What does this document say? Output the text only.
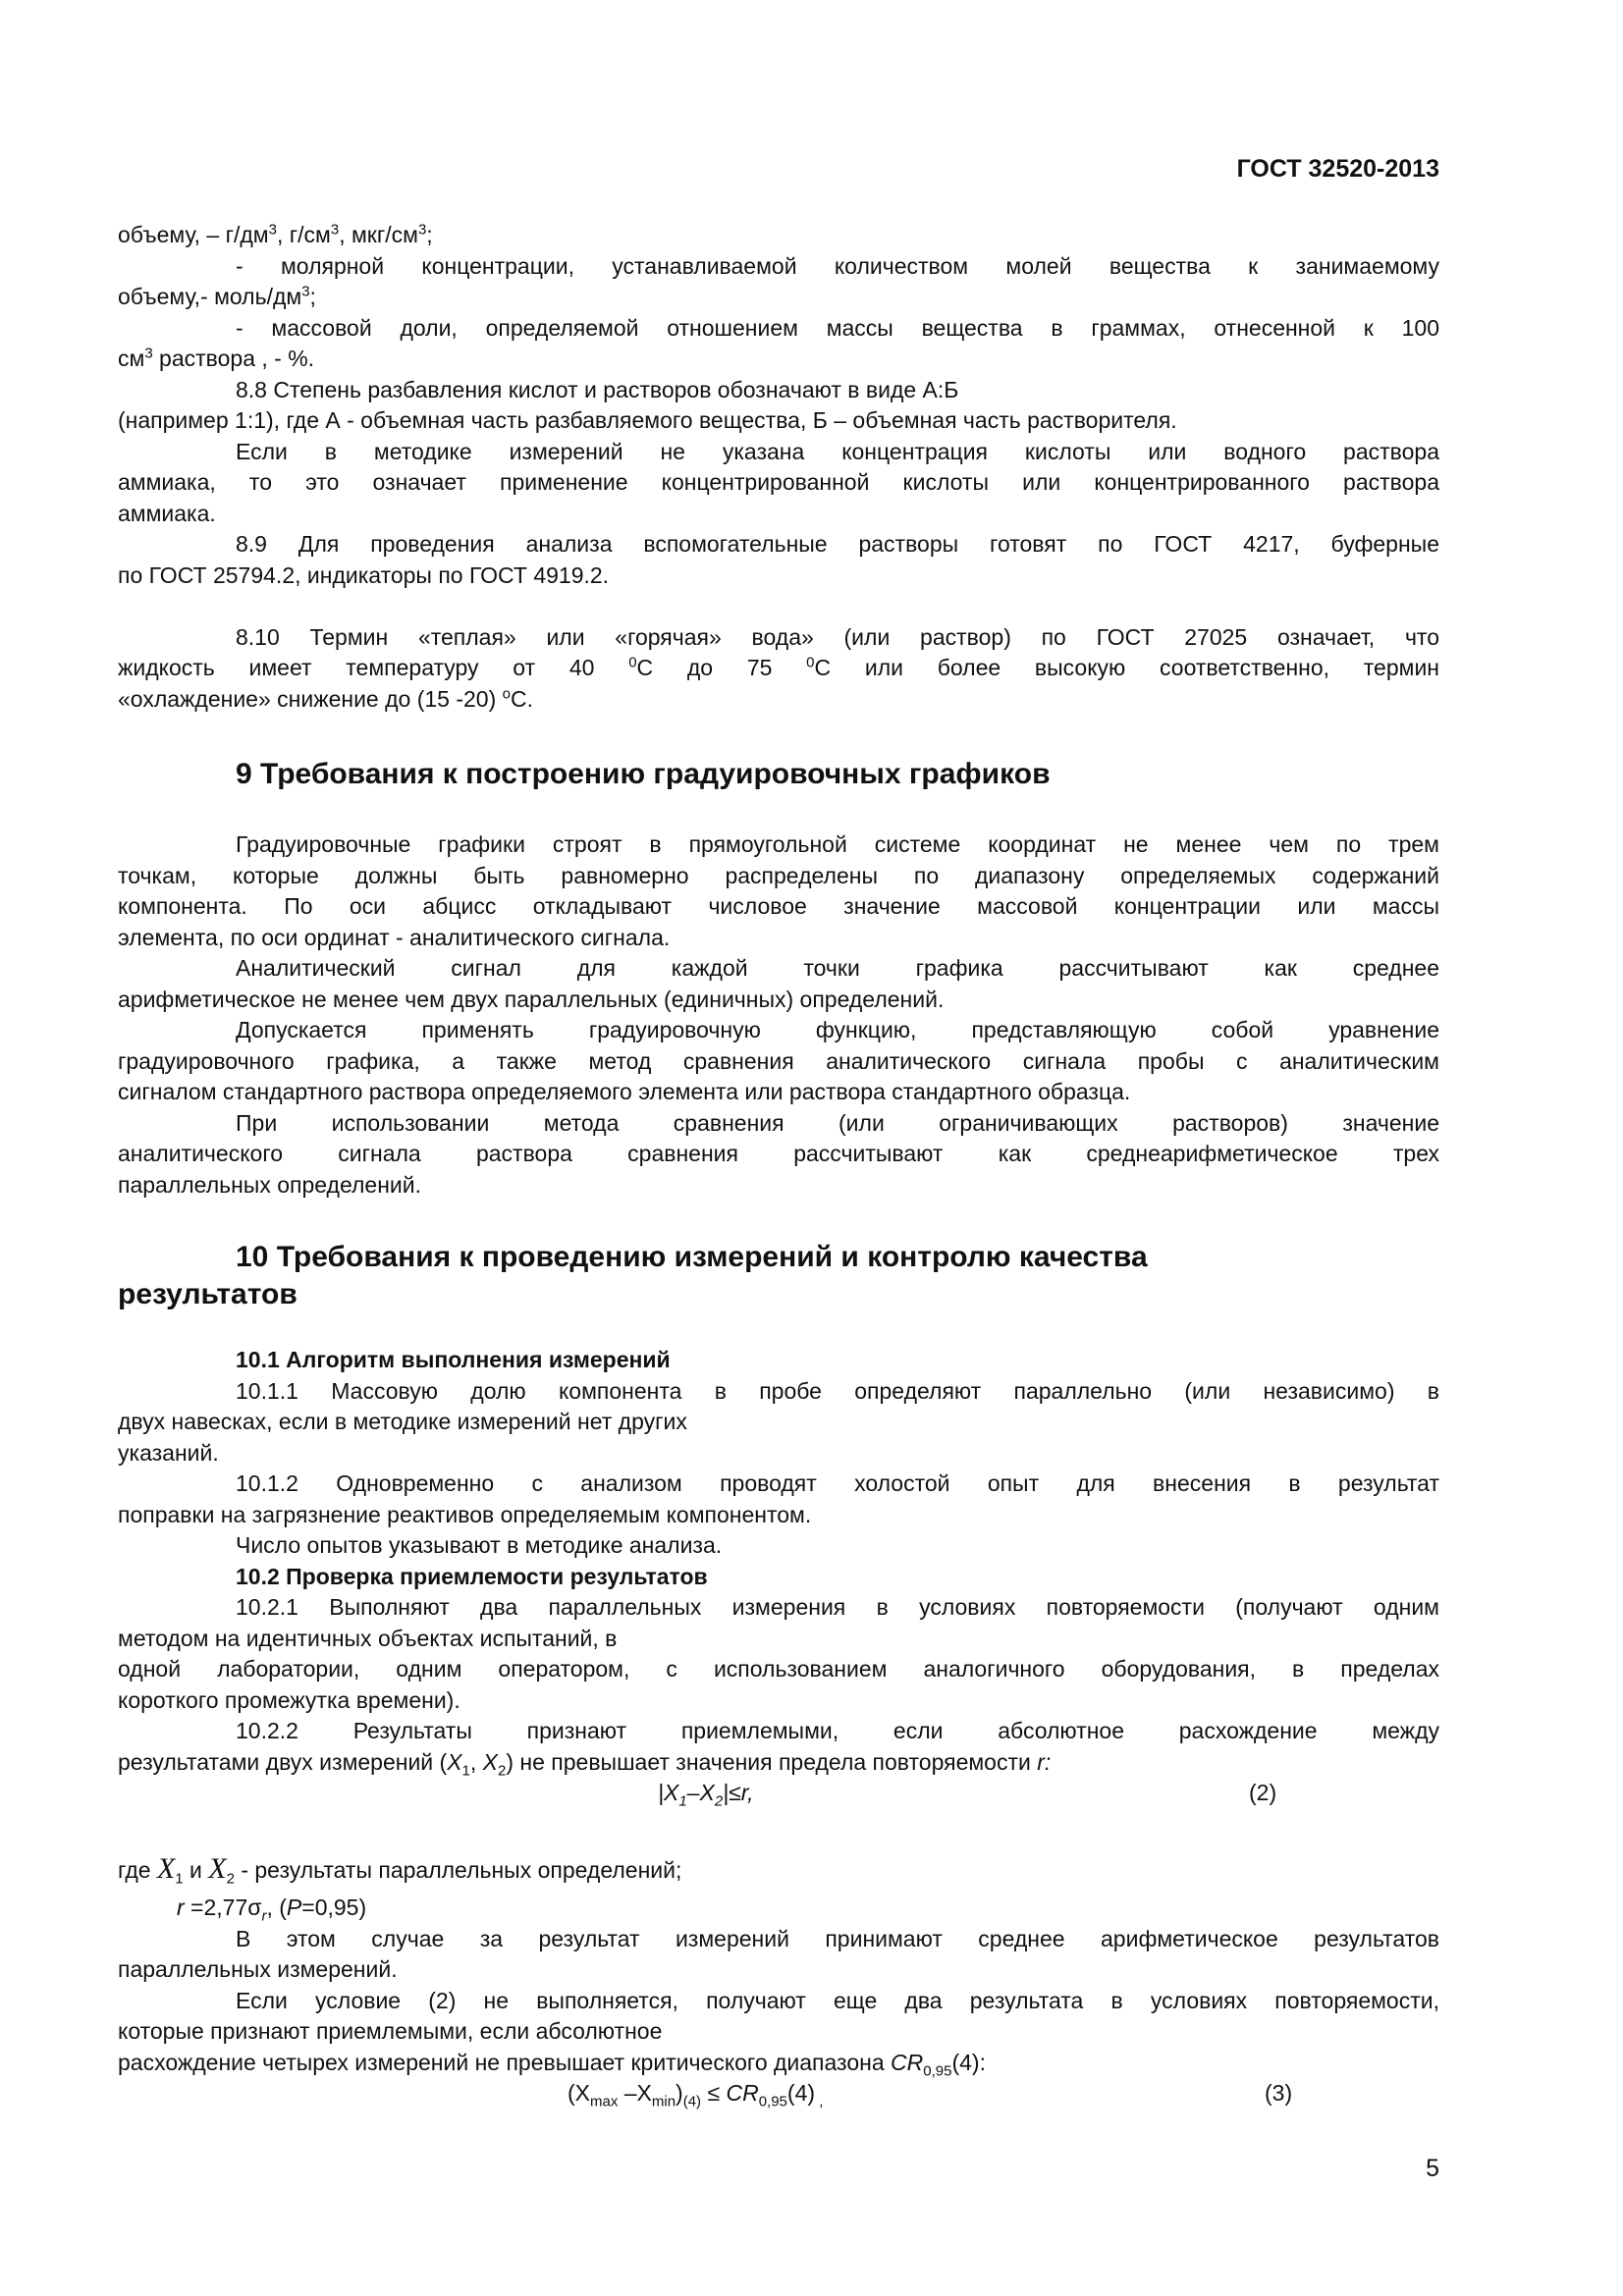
ГОСТ 32520-2013
объему, – $г/дм^3$, $г/см^3$, мкг/$см^3$;
- молярной концентрации, устанавливаемой количеством молей вещества к занимаемому
объему,- моль/$дм^3$;
- массовой доли, определяемой отношением массы вещества в граммах, отнесенной к 100
$см^3$ раствора , - %.
8.8 Степень разбавления кислот и растворов обозначают в виде А:Б
(например 1:1), где А - объемная часть разбавляемого вещества, Б – объемная часть растворителя.
Если в методике измерений не указана концентрация кислоты или водного раствора
аммиака, то это означает применение концентрированной кислоты или концентрированного раствора
аммиака.
8.9 Для проведения анализа вспомогательные растворы готовят по ГОСТ 4217, буферные
по ГОСТ 25794.2, индикаторы по ГОСТ 4919.2.
8.10 Термин «теплая» или «горячая» вода» (или раствор) по ГОСТ 27025 означает, что
жидкость имеет температуру от 40 $^0$С до 75 $^0$С или более высокую соответственно, термин
«охлаждение» снижение до (15 -20) $^о$С.
9 Требования к построению градуировочных графиков
Градуировочные графики строят в прямоугольной системе координат не менее чем по трем
точкам, которые должны быть равномерно распределены по диапазону определяемых содержаний
компонента. По оси абцисс откладывают числовое значение массовой концентрации или массы
элемента, по оси ординат - аналитического сигнала.
Аналитический сигнал для каждой точки графика рассчитывают как среднее
арифметическое не менее чем двух параллельных (единичных) определений.
Допускается применять градуировочную функцию, представляющую собой уравнение
градуировочного графика, а также метод сравнения аналитического сигнала пробы с аналитическим
сигналом стандартного раствора определяемого элемента или раствора стандартного образца.
При использовании метода сравнения (или ограничивающих растворов) значение
аналитического сигнала раствора сравнения рассчитывают как среднеарифметическое трех
параллельных определений.
10 Требования к проведению измерений и контролю качества
результатов
10.1 Алгоритм выполнения измерений
10.1.1 Массовую долю компонента в пробе определяют параллельно (или независимо) в
двух навесках, если в методике измерений нет других
указаний.
10.1.2 Одновременно с анализом проводят холостой опыт для внесения в результат
поправки на загрязнение реактивов определяемым компонентом.
Число опытов указывают в методике анализа.
10.2 Проверка приемлемости результатов
10.2.1 Выполняют два параллельных измерения в условиях повторяемости (получают одним
методом на идентичных объектах испытаний, в
одной лаборатории, одним оператором, с использованием аналогичного оборудования, в пределах
короткого промежутка времени).
10.2.2 Результаты признают приемлемыми, если абсолютное расхождение между
результатами двух измерений ($X_1$, $X_2$) не превышает значения предела повторяемости r:
$|X_1-X_2|\le r$,	(2)
где $X_1$ и $X_2$ - результаты параллельных определений;
$r =2,77\sigma_r$, (P=0,95)
В этом случае за результат измерений принимают среднее арифметическое результатов
параллельных измерений.
Если условие (2) не выполняется, получают еще два результата в условиях повторяемости,
которые признают приемлемыми, если абсолютное
расхождение четырех измерений не превышает критического диапазона $CR_{0,95}(4)$:
($X_{max}$ $-X_{min})_{(4)} \le CR_{0,95}(4)$ $_,$	(3)
5
